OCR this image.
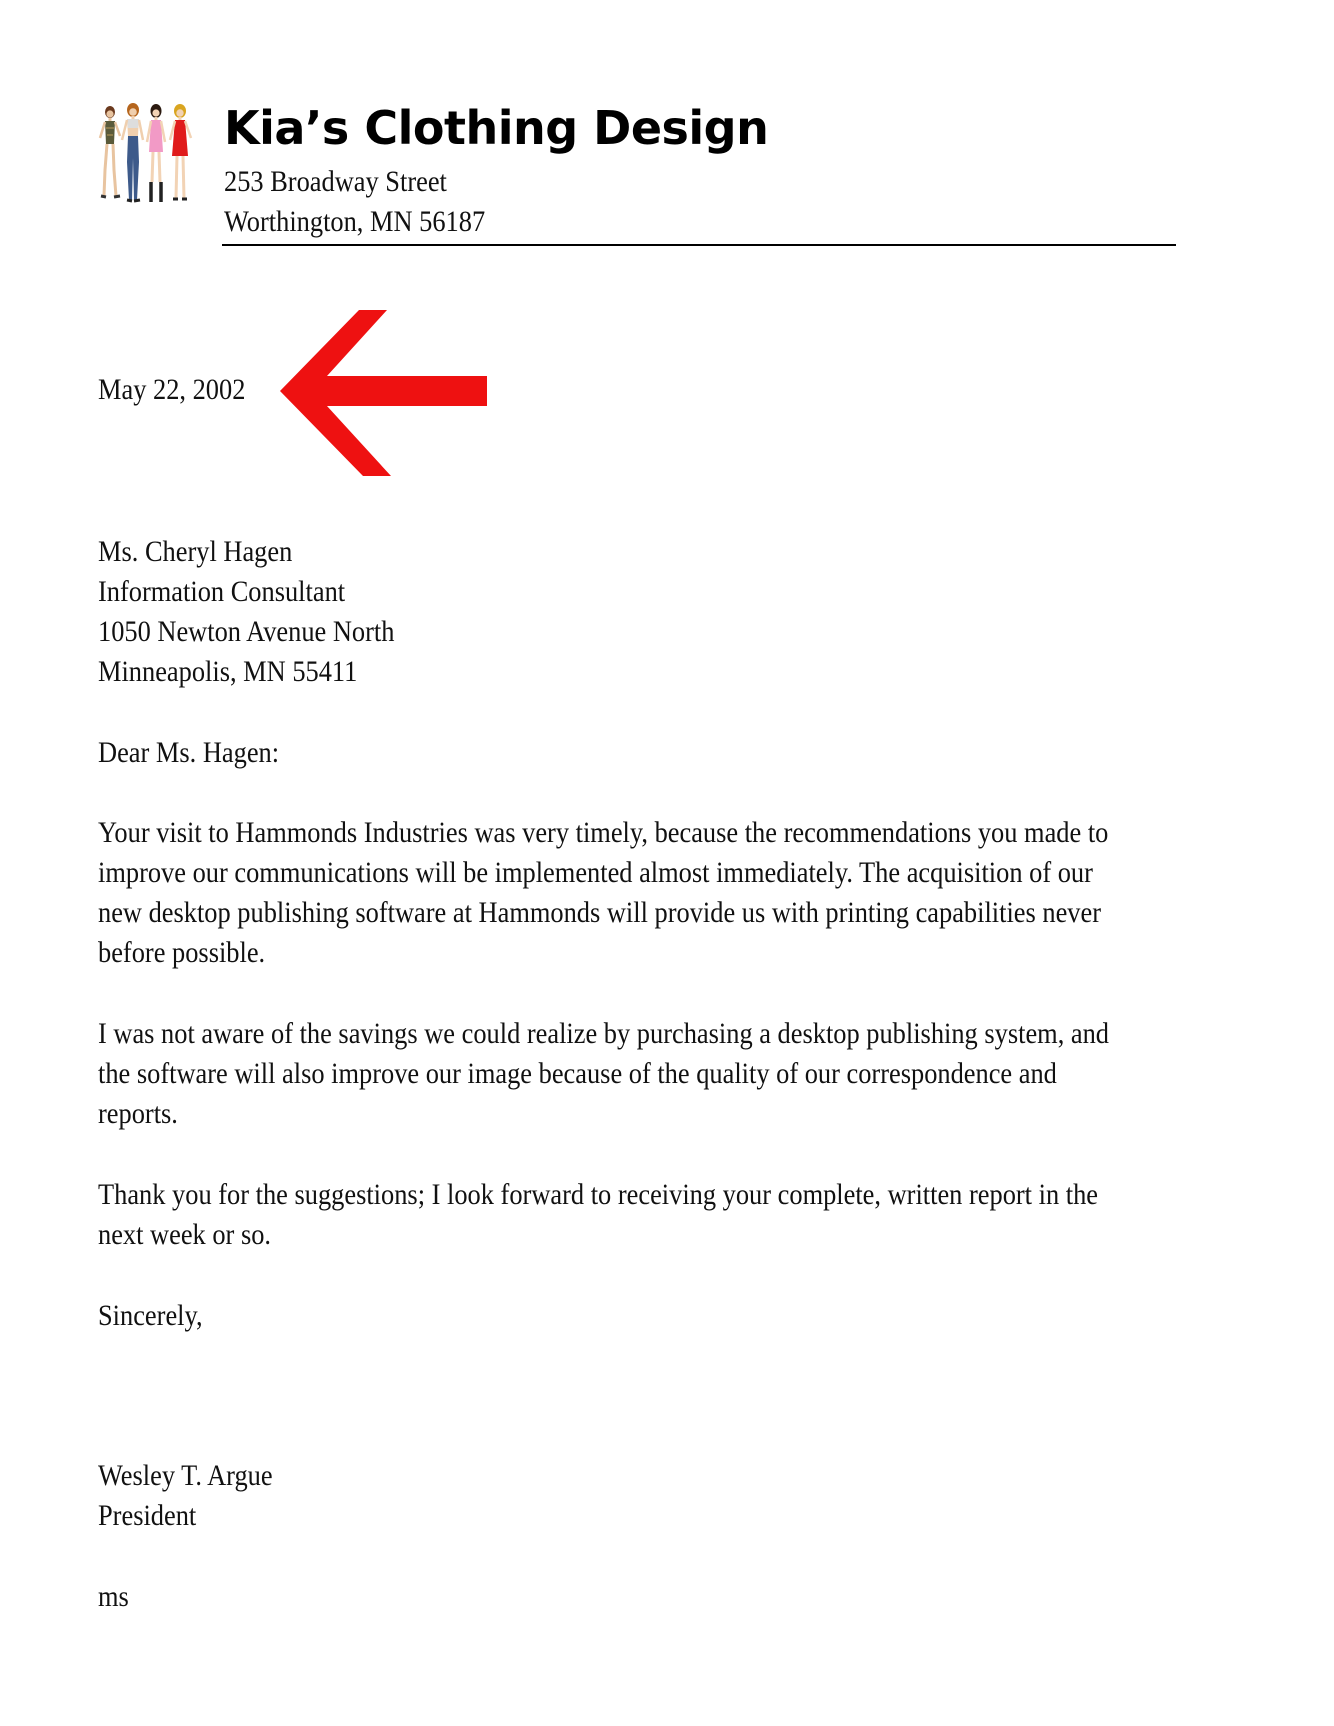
Kia’s Clothing Design
253 Broadway Street
Worthington, MN 56187
May 22, 2002
Ms. Cheryl Hagen
Information Consultant
1050 Newton Avenue North
Minneapolis, MN 55411
Dear Ms. Hagen:
Your visit to Hammonds Industries was very timely, because the recommendations you made to
improve our communications will be implemented almost immediately. The acquisition of our
new desktop publishing software at Hammonds will provide us with printing capabilities never
before possible.
I was not aware of the savings we could realize by purchasing a desktop publishing system, and
the software will also improve our image because of the quality of our correspondence and
reports.
Thank you for the suggestions; I look forward to receiving your complete, written report in the
next week or so.
Sincerely,
Wesley T. Argue
President
ms
